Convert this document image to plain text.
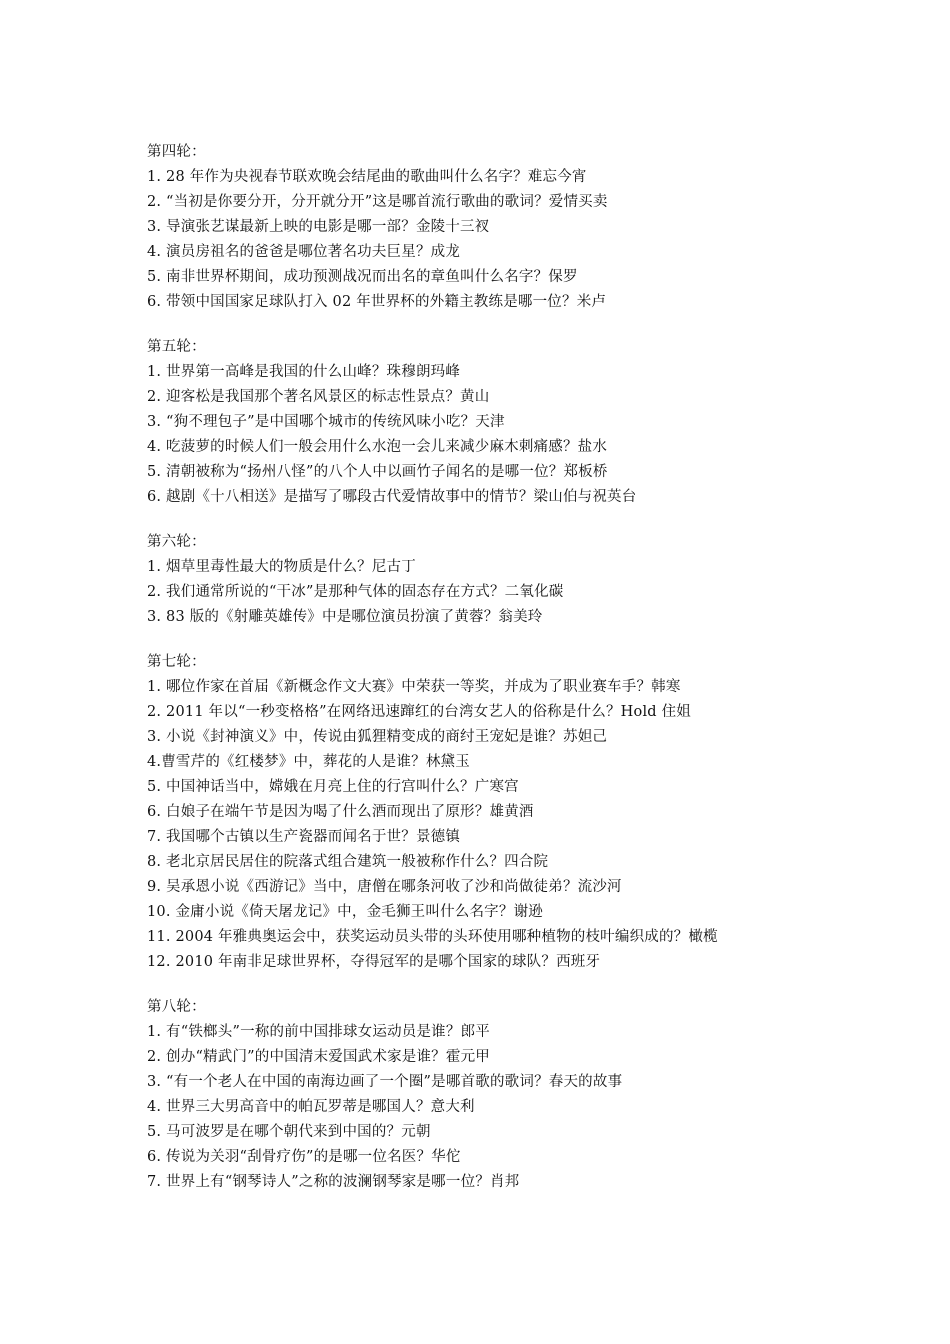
第四轮：
1. 28 年作为央视春节联欢晚会结尾曲的歌曲叫什么名字？难忘今宵
2. “当初是你要分开，分开就分开”这是哪首流行歌曲的歌词？爱情买卖
3. 导演张艺谋最新上映的电影是哪一部？金陵十三衩
4. 演员房祖名的爸爸是哪位著名功夫巨星？成龙
5. 南非世界杯期间，成功预测战况而出名的章鱼叫什么名字？保罗
6. 带领中国国家足球队打入 02 年世界杯的外籍主教练是哪一位？米卢
第五轮：
1. 世界第一高峰是我国的什么山峰？珠穆朗玛峰
2. 迎客松是我国那个著名风景区的标志性景点？黄山
3. “狗不理包子”是中国哪个城市的传统风味小吃？天津
4. 吃菠萝的时候人们一般会用什么水泡一会儿来减少麻木刺痛感？盐水
5. 清朝被称为“扬州八怪”的八个人中以画竹子闻名的是哪一位？郑板桥
6. 越剧《十八相送》是描写了哪段古代爱情故事中的情节？梁山伯与祝英台
第六轮：
1. 烟草里毒性最大的物质是什么？尼古丁
2. 我们通常所说的“干冰”是那种气体的固态存在方式？二氧化碳
3. 83 版的《射雕英雄传》中是哪位演员扮演了黄蓉？翁美玲
第七轮：
1. 哪位作家在首届《新概念作文大赛》中荣获一等奖，并成为了职业赛车手？韩寒
2. 2011 年以“一秒变格格”在网络迅速蹿红的台湾女艺人的俗称是什么？Hold 住姐
3. 小说《封神演义》中，传说由狐狸精变成的商纣王宠妃是谁？苏妲己
4.曹雪芹的《红楼梦》中，葬花的人是谁？林黛玉
5. 中国神话当中，嫦娥在月亮上住的行宫叫什么？广寒宫
6. 白娘子在端午节是因为喝了什么酒而现出了原形？雄黄酒
7. 我国哪个古镇以生产瓷器而闻名于世？景德镇
8. 老北京居民居住的院落式组合建筑一般被称作什么？四合院
9. 吴承恩小说《西游记》当中，唐僧在哪条河收了沙和尚做徒弟？流沙河
10. 金庸小说《倚天屠龙记》中，金毛狮王叫什么名字？谢逊
11. 2004 年雅典奥运会中，获奖运动员头带的头环使用哪种植物的枝叶编织成的？橄榄
12. 2010 年南非足球世界杯，夺得冠军的是哪个国家的球队？西班牙
第八轮：
1. 有“铁榔头”一称的前中国排球女运动员是谁？郎平
2. 创办“精武门”的中国清末爱国武术家是谁？霍元甲
3. “有一个老人在中国的南海边画了一个圈”是哪首歌的歌词？春天的故事
4. 世界三大男高音中的帕瓦罗蒂是哪国人？意大利
5. 马可波罗是在哪个朝代来到中国的？元朝
6. 传说为关羽“刮骨疗伤”的是哪一位名医？华佗
7. 世界上有“钢琴诗人”之称的波澜钢琴家是哪一位？肖邦
